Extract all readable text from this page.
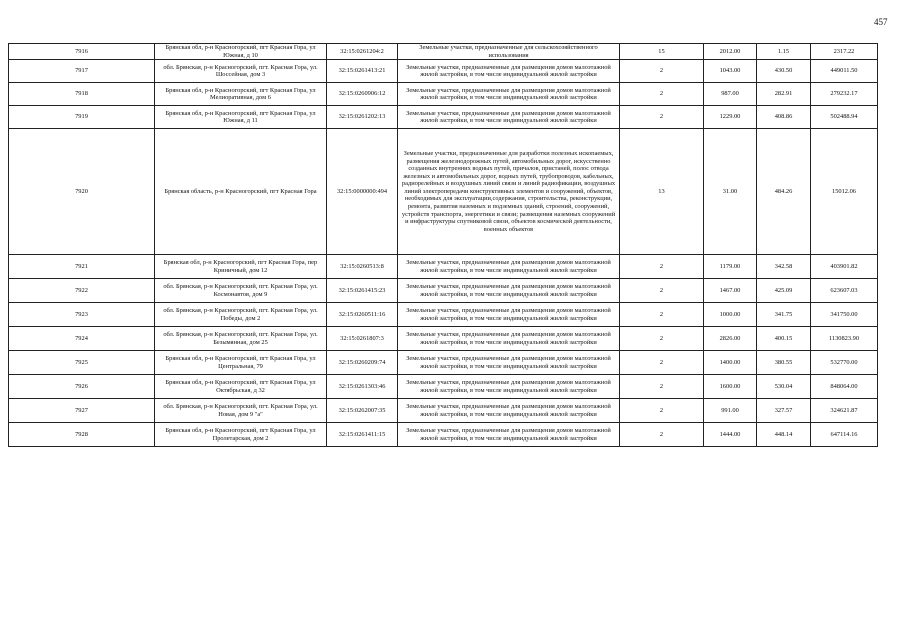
457
7916	Брянская обл, р-н Красногорский, пгт Красная Гора, ул Южная, д 10	32:15:0261204:2	Земельные участки, предназначенные для сельскохозяйственного использования	15	2012.00	1.15	2317.22
7917	обл. Брянская, р-н Красногорский, пгт. Красная Гора, ул. Шоссейная, дом 3	32:15:0261413:21	Земельные участки, предназначенные для размещения домов малоэтажной жилой застройки, в том числе индивидуальной жилой застройки	2	1043.00	430.50	449011.50
7918	Брянская обл, р-н Красногорский, пгт Красная Гора, ул Мелиоративная, дом 6	32:15:0260906:12	Земельные участки, предназначенные для размещения домов малоэтажной жилой застройки, в том числе индивидуальной жилой застройки	2	987.00	282.91	279232.17
7919	Брянская обл, р-н Красногорский, пгт Красная Гора, ул Южная, д 11	32:15:0261202:13	Земельные участки, предназначенные для размещения домов малоэтажной жилой застройки, в том числе индивидуальной жилой застройки	2	1229.00	408.86	502488.94
7920	Брянская область, р-н Красногорский, пгт Красная Гора	32:15:0000000:494	Земельные участки, предназначенные для разработки полезных ископаемых, размещения железнодорожных путей, автомобильных дорог, искусственно созданных внутренних водных путей, причалов, пристаней, полос отвода железных и автомобильных дорог, водных путей, трубопроводов, кабельных, радиорелейных и воздушных линий связи и линий радиофикации, воздушных линий электропередачи конструктивных элементов и сооружений, объектов, необходимых для эксплуатации,содержания, строительства, реконструкции, ремонта, развития наземных и подземных зданий, строений, сооружений, устройств транспорта, энергетики и связи; размещения наземных сооружений и инфраструктуры спутниковой связи, объектов космической деятельности, военных объектов	13	31.00	484.26	15012.06
7921	Брянская обл, р-н Красногорский, пгт Красная Гора, пер Криничный, дом 12	32:15:0260513:8	Земельные участки, предназначенные для размещения домов малоэтажной жилой застройки, в том числе индивидуальной жилой застройки	2	1179.00	342.58	403901.82
7922	обл. Брянская, р-н Красногорский, пгт. Красная Гора, ул. Космонавтов, дом 9	32:15:0261415:23	Земельные участки, предназначенные для размещения домов малоэтажной жилой застройки, в том числе индивидуальной жилой застройки	2	1467.00	425.09	623607.03
7923	обл. Брянская, р-н Красногорский, пгт. Красная Гора, ул. Победы, дом 2	32:15:0260511:16	Земельные участки, предназначенные для размещения домов малоэтажной жилой застройки, в том числе индивидуальной жилой застройки	2	1000.00	341.75	341750.00
7924	обл. Брянская, р-н Красногорский, пгт. Красная Гора, ул. Безымянная, дом 25	32:15:0261807:3	Земельные участки, предназначенные для размещения домов малоэтажной жилой застройки, в том числе индивидуальной жилой застройки	2	2826.00	400.15	1130823.90
7925	Брянская обл, р-н Красногорский, пгт Красная Гора, ул Центральная, 79	32:15:0260209:74	Земельные участки, предназначенные для размещения домов малоэтажной жилой застройки, в том числе индивидуальной жилой застройки	2	1400.00	380.55	532770.00
7926	Брянская обл, р-н Красногорский, пгт Красная Гора, ул Октябрьская, д 32	32:15:0261303:46	Земельные участки, предназначенные для размещения домов малоэтажной жилой застройки, в том числе индивидуальной жилой застройки	2	1600.00	530.04	848064.00
7927	обл. Брянская, р-н Красногорский, пгт. Красная Гора, ул. Новая, дом 9 "а"	32:15:0262007:35	Земельные участки, предназначенные для размещения домов малоэтажной жилой застройки, в том числе индивидуальной жилой застройки	2	991.00	327.57	324621.87
7928	Брянская обл, р-н Красногорский, пгт Красная Гора, ул Пролетарская, дом 2	32:15:0261411:15	Земельные участки, предназначенные для размещения домов малоэтажной жилой застройки, в том числе индивидуальной жилой застройки	2	1444.00	448.14	647114.16
